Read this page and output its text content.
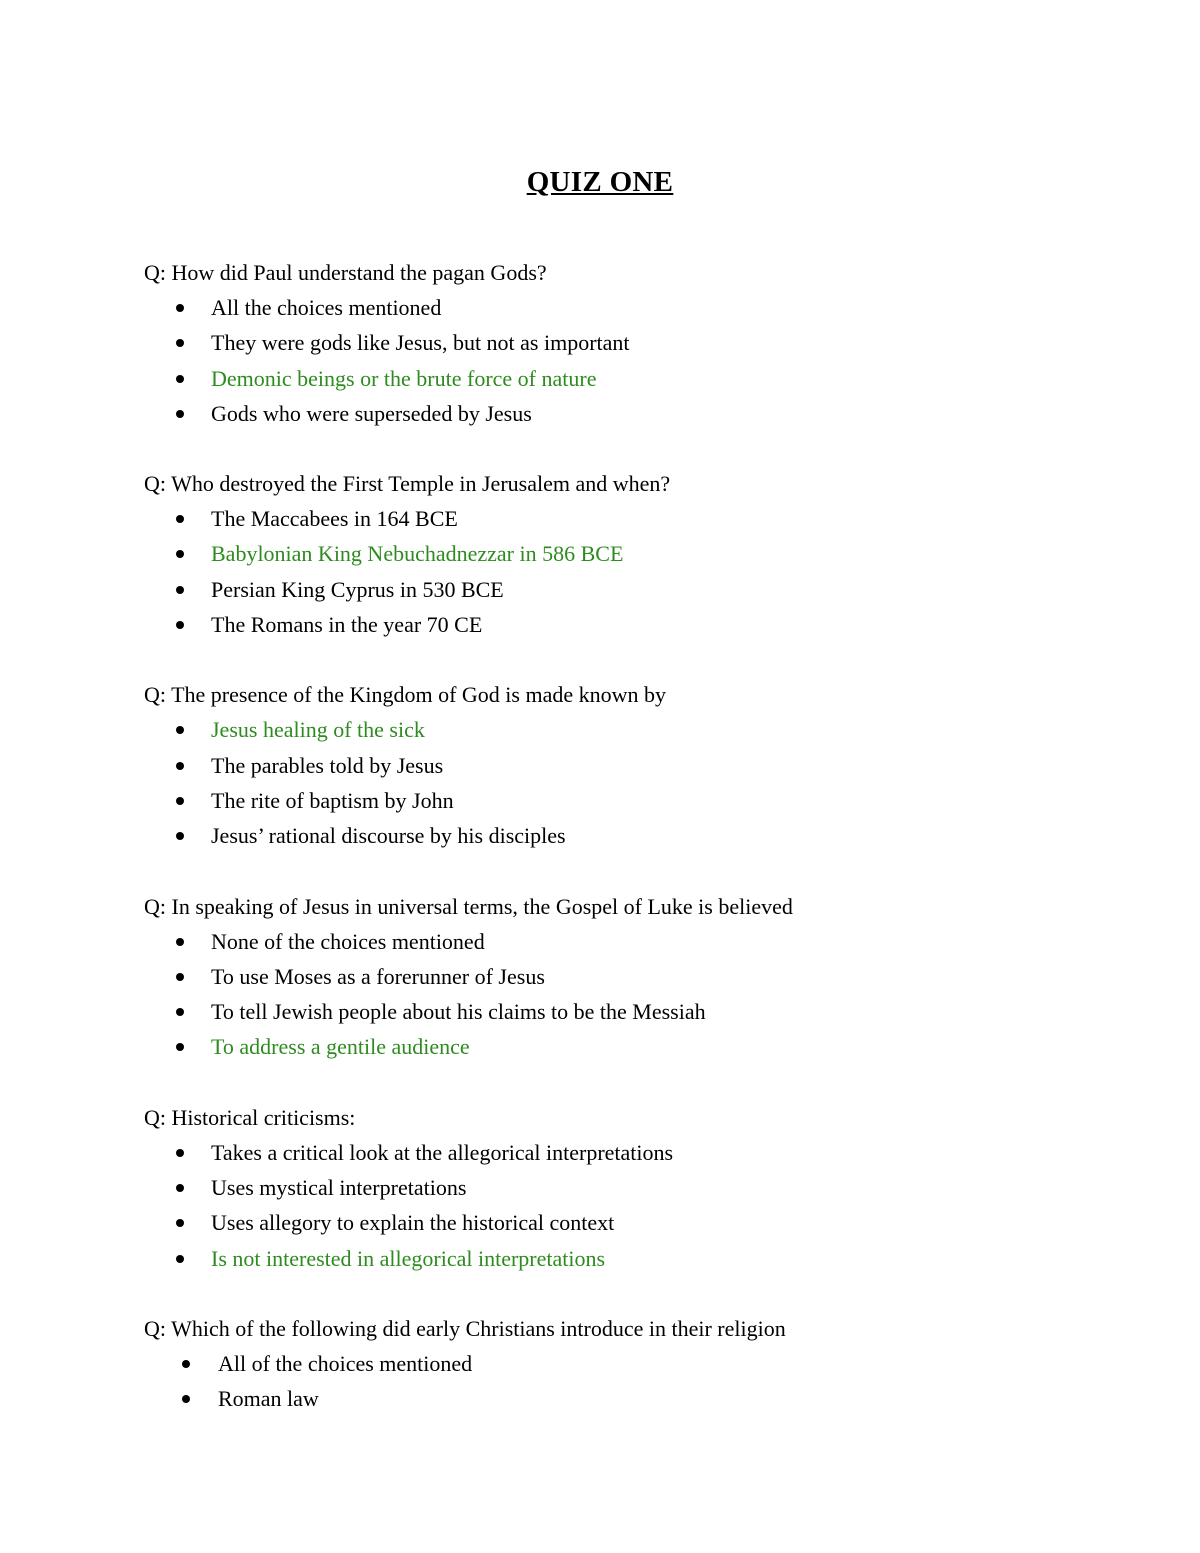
QUIZ ONE
Q: How did Paul understand the pagan Gods?
All the choices mentioned
They were gods like Jesus, but not as important
Demonic beings or the brute force of nature
Gods who were superseded by Jesus
Q: Who destroyed the First Temple in Jerusalem and when?
The Maccabees in 164 BCE
Babylonian King Nebuchadnezzar in 586 BCE
Persian King Cyprus in 530 BCE
The Romans in the year 70 CE
Q: The presence of the Kingdom of God is made known by
Jesus healing of the sick
The parables told by Jesus
The rite of baptism by John
Jesus’ rational discourse by his disciples
Q: In speaking of Jesus in universal terms, the Gospel of Luke is believed
None of the choices mentioned
To use Moses as a forerunner of Jesus
To tell Jewish people about his claims to be the Messiah
To address a gentile audience
Q: Historical criticisms:
Takes a critical look at the allegorical interpretations
Uses mystical interpretations
Uses allegory to explain the historical context
Is not interested in allegorical interpretations
Q: Which of the following did early Christians introduce in their religion
All of the choices mentioned
Roman law
